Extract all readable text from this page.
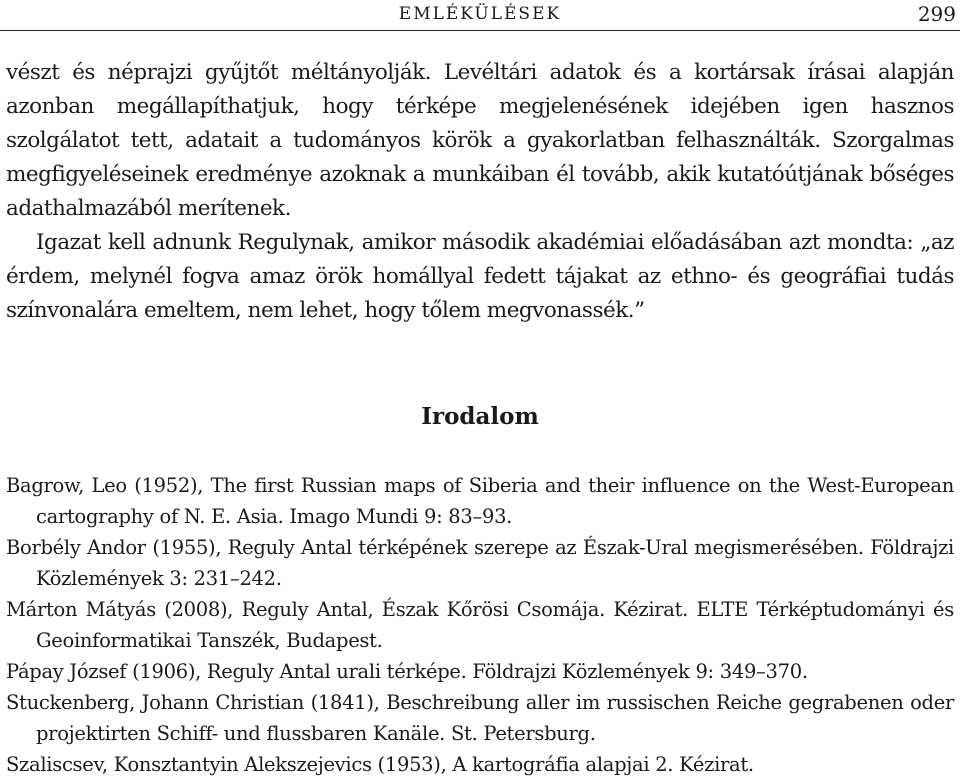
EMLÉKÜLÉSEK	299

vészt és néprajzi gyűjtőt méltányolják. Levéltári adatok és a kortársak írásai alapján azonban megállapíthatjuk, hogy térképe megjelenésének idejében igen hasznos szolgálatot tett, adatait a tudományos körök a gyakorlatban felhasználták. Szorgalmas megfigyeléseinek eredménye azoknak a munkáiban él tovább, akik kutatóútjának bőséges adathalmazából merítenek.

Igazat kell adnunk Regulynak, amikor második akadémiai előadásában azt mondta: „az érdem, melynél fogva amaz örök homállyal fedett tájakat az ethno- és geográfiai tudás színvonalára emeltem, nem lehet, hogy tőlem megvonassék.”

Irodalom
Bagrow, Leo (1952), The first Russian maps of Siberia and their influence on the West-European cartography of N. E. Asia. Imago Mundi 9: 83–93.
Borbély Andor (1955), Reguly Antal térképének szerepe az Észak-Ural megismerésében. Földrajzi Közlemények 3: 231–242.
Márton Mátyás (2008), Reguly Antal, Észak Kőrösi Csomája. Kézirat. ELTE Térképtudományi és Geoinformatikai Tanszék, Budapest.
Pápay József (1906), Reguly Antal urali térképe. Földrajzi Közlemények 9: 349–370.
Stuckenberg, Johann Christian (1841), Beschreibung aller im russischen Reiche gegrabenen oder projektirten Schiff- und flussbaren Kanäle. St. Petersburg.
Szaliscsev, Konsztantyin Alekszejevics (1953), A kartográfia alapjai 2. Kézirat.
